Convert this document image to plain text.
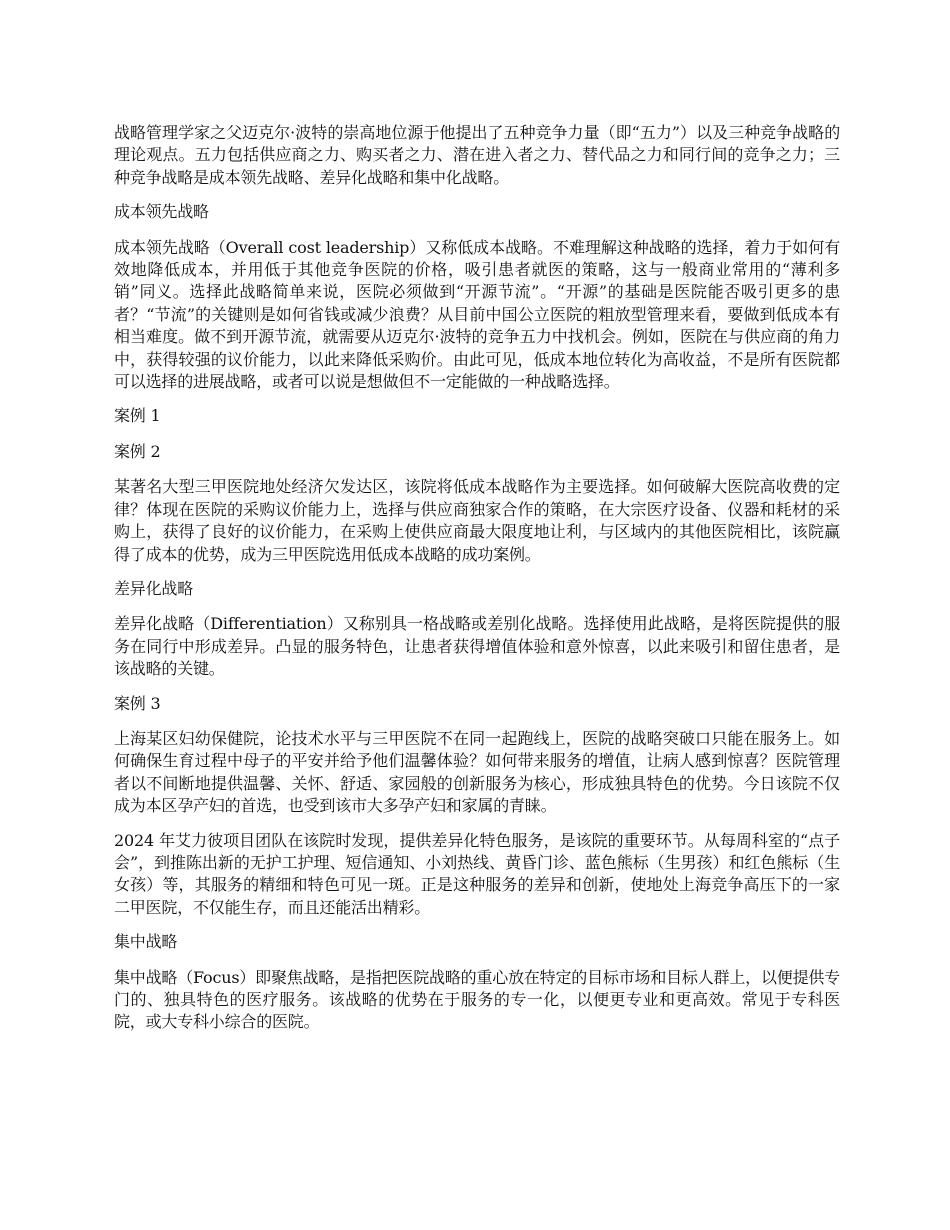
战略管理学家之父迈克尔·波特的崇高地位源于他提出了五种竞争力量（即“五力”）以及三种竞争战略的理论观点。五力包括供应商之力、购买者之力、潜在进入者之力、替代品之力和同行间的竞争之力；三种竞争战略是成本领先战略、差异化战略和集中化战略。

成本领先战略

成本领先战略（Overall cost leadership）又称低成本战略。不难理解这种战略的选择，着力于如何有效地降低成本，并用低于其他竞争医院的价格，吸引患者就医的策略，这与一般商业常用的“薄利多销”同义。选择此战略简单来说，医院必须做到“开源节流”。“开源”的基础是医院能否吸引更多的患者？“节流”的关键则是如何省钱或减少浪费？从目前中国公立医院的粗放型管理来看，要做到低成本有相当难度。做不到开源节流，就需要从迈克尔·波特的竞争五力中找机会。例如，医院在与供应商的角力中，获得较强的议价能力，以此来降低采购价。由此可见，低成本地位转化为高收益，不是所有医院都可以选择的进展战略，或者可以说是想做但不一定能做的一种战略选择。

案例 1

案例 2

某著名大型三甲医院地处经济欠发达区，该院将低成本战略作为主要选择。如何破解大医院高收费的定律？体现在医院的采购议价能力上，选择与供应商独家合作的策略，在大宗医疗设备、仪器和耗材的采购上，获得了良好的议价能力，在采购上使供应商最大限度地让利，与区域内的其他医院相比，该院赢得了成本的优势，成为三甲医院选用低成本战略的成功案例。

差异化战略

差异化战略（Differentiation）又称别具一格战略或差别化战略。选择使用此战略，是将医院提供的服务在同行中形成差异。凸显的服务特色，让患者获得增值体验和意外惊喜，以此来吸引和留住患者，是该战略的关键。

案例 3

上海某区妇幼保健院，论技术水平与三甲医院不在同一起跑线上，医院的战略突破口只能在服务上。如何确保生育过程中母子的平安并给予他们温馨体验？如何带来服务的增值，让病人感到惊喜？医院管理者以不间断地提供温馨、关怀、舒适、家园般的创新服务为核心，形成独具特色的优势。今日该院不仅成为本区孕产妇的首选，也受到该市大多孕产妇和家属的青睐。

2024 年艾力彼项目团队在该院时发现，提供差异化特色服务，是该院的重要环节。从每周科室的“点子会”，到推陈出新的无护工护理、短信通知、小刘热线、黄昏门诊、蓝色熊标（生男孩）和红色熊标（生女孩）等，其服务的精细和特色可见一斑。正是这种服务的差异和创新，使地处上海竞争高压下的一家二甲医院，不仅能生存，而且还能活出精彩。

集中战略

集中战略（Focus）即聚焦战略，是指把医院战略的重心放在特定的目标市场和目标人群上，以便提供专门的、独具特色的医疗服务。该战略的优势在于服务的专一化，以便更专业和更高效。常见于专科医院，或大专科小综合的医院。
